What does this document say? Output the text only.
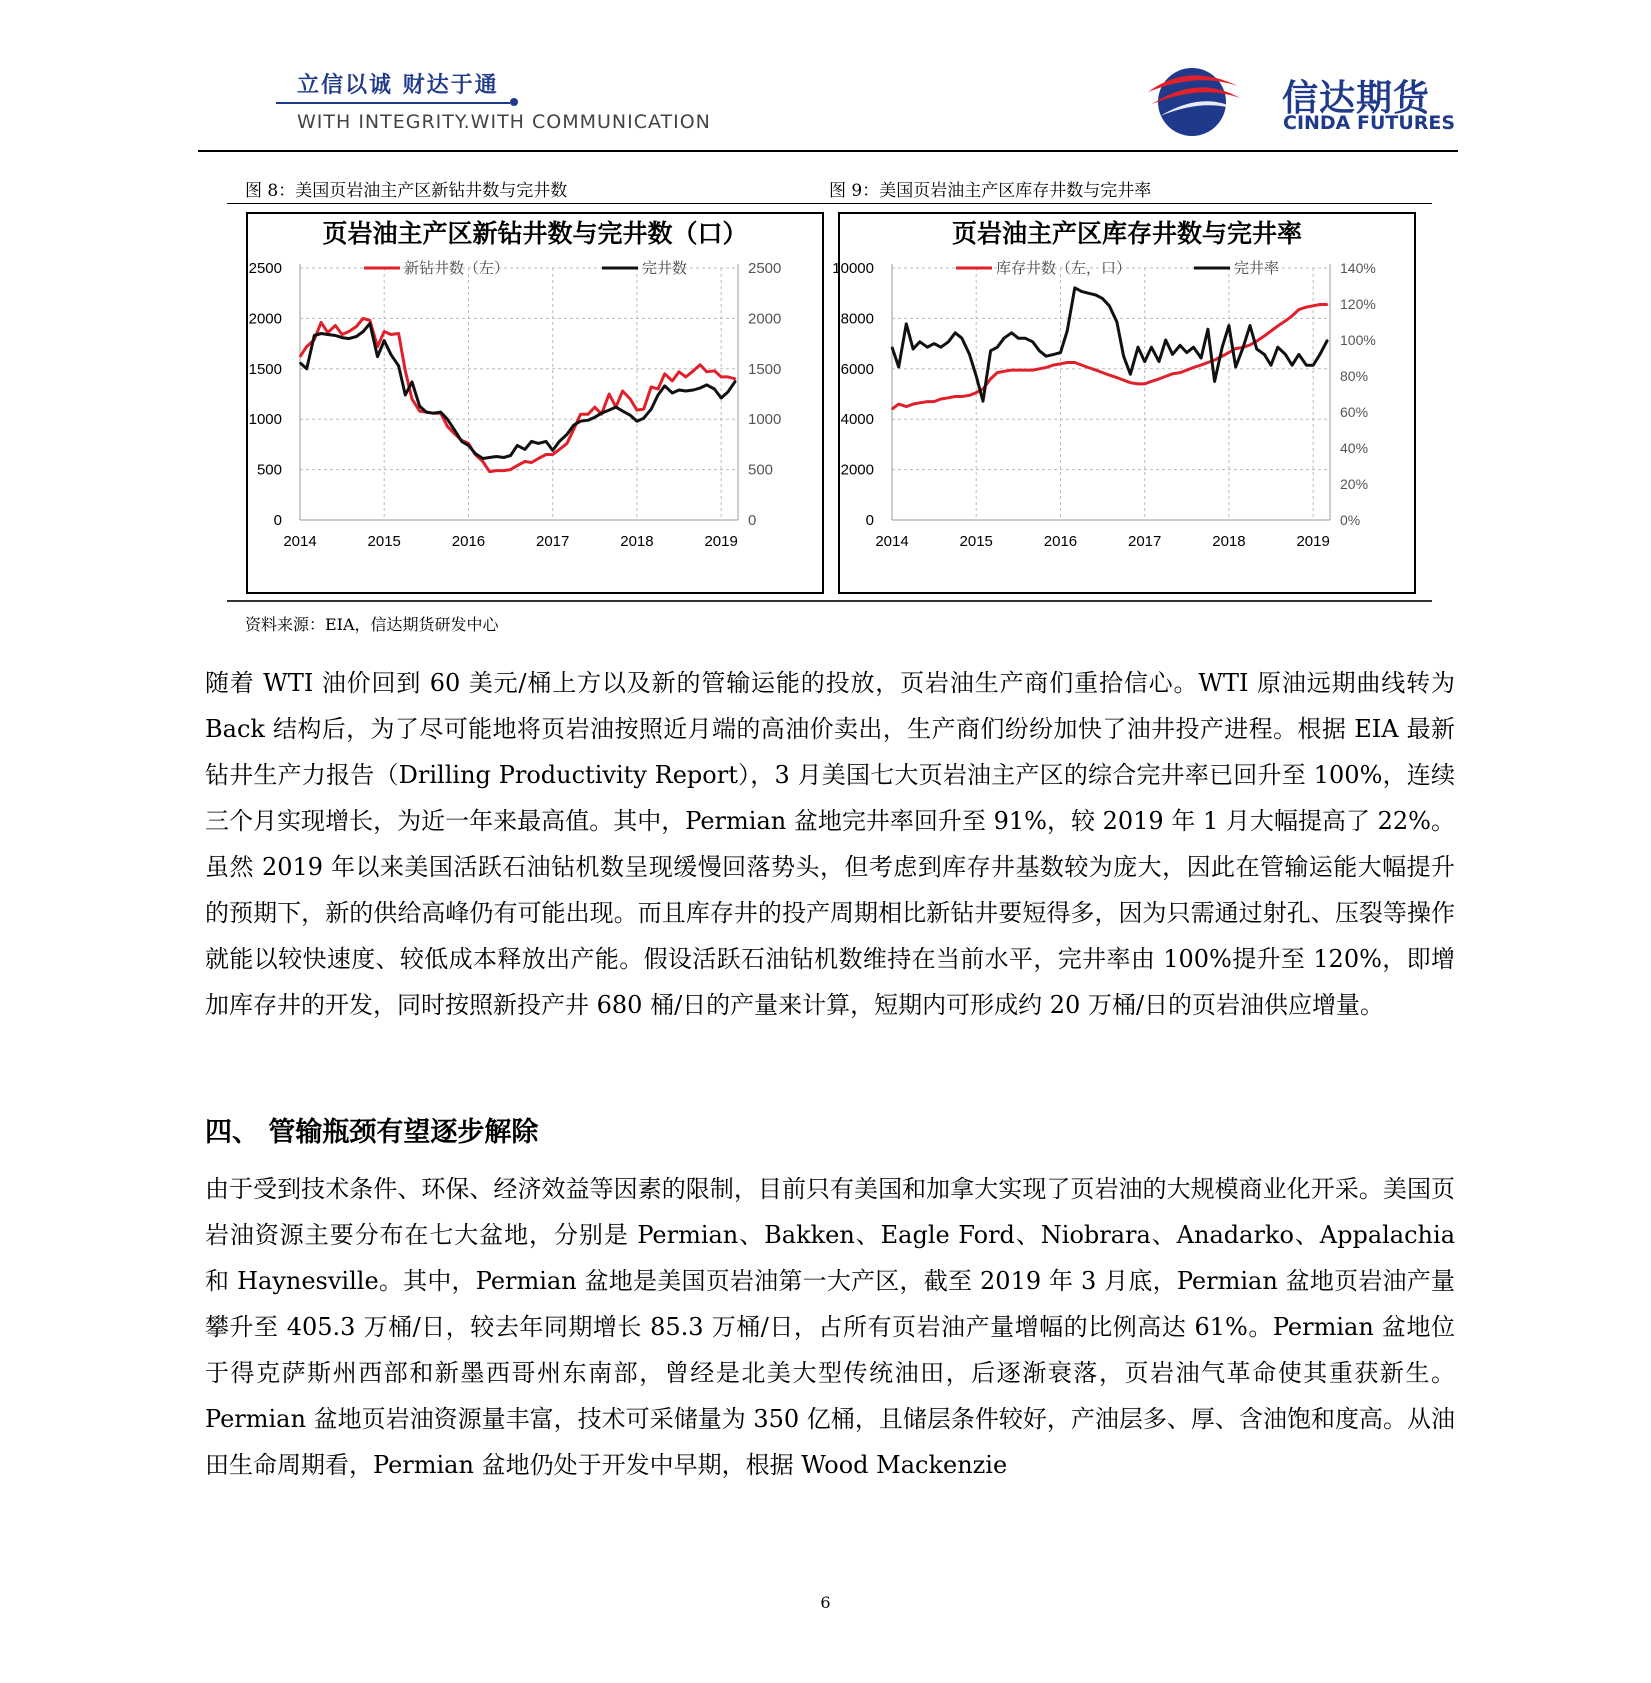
立信以诚 财达于通
WITH INTEGRITY.WITH COMMUNICATION
信达期货
CINDA FUTURES
图 8：美国页岩油主产区新钻井数与完井数	图 9：美国页岩油主产区库存井数与完井率
页岩油主产区新钻井数与完井数（口）
0
500
1000
1500
2000
2500
0
500
1000
1500
2000
2500
2014	2015	2016	2017	2018	2019
新钻井数（左）	完井数
页岩油主产区库存井数与完井率
0
2000
4000
6000
8000
10000
0%
20%
40%
60%
80%
100%
120%
140%
2014	2015	2016	2017	2018	2019
库存井数（左，口）	完井率
资料来源：EIA，信达期货研发中心
随着 WTI 油价回到 60 美元/桶上方以及新的管输运能的投放，页岩油生产商们重拾信心。WTI 原油远期曲线转为 Back 结构后，为了尽可能地将页岩油按照近月端的高油价卖出，生产商们纷纷加快了油井投产进程。根据 EIA 最新钻井生产力报告（Drilling Productivity Report），3 月美国七大页岩油主产区的综合完井率已回升至 100%，连续三个月实现增长，为近一年来最高值。其中，Permian 盆地完井率回升至 91%，较 2019 年 1 月大幅提高了 22%。虽然 2019 年以来美国活跃石油钻机数呈现缓慢回落势头，但考虑到库存井基数较为庞大，因此在管输运能大幅提升的预期下，新的供给高峰仍有可能出现。而且库存井的投产周期相比新钻井要短得多，因为只需通过射孔、压裂等操作就能以较快速度、较低成本释放出产能。假设活跃石油钻机数维持在当前水平，完井率由 100%提升至 120%，即增加库存井的开发，同时按照新投产井 680 桶/日的产量来计算，短期内可形成约 20 万桶/日的页岩油供应增量。
四、 管输瓶颈有望逐步解除
由于受到技术条件、环保、经济效益等因素的限制，目前只有美国和加拿大实现了页岩油的大规模商业化开采。美国页岩油资源主要分布在七大盆地，分别是 Permian、Bakken、Eagle Ford、Niobrara、Anadarko、Appalachia 和 Haynesville。其中，Permian 盆地是美国页岩油第一大产区，截至 2019 年 3 月底，Permian 盆地页岩油产量攀升至 405.3 万桶/日，较去年同期增长 85.3 万桶/日，占所有页岩油产量增幅的比例高达 61%。Permian 盆地位于得克萨斯州西部和新墨西哥州东南部，曾经是北美大型传统油田，后逐渐衰落，页岩油气革命使其重获新生。Permian 盆地页岩油资源量丰富，技术可采储量为 350 亿桶，且储层条件较好，产油层多、厚、含油饱和度高。从油田生命周期看，Permian 盆地仍处于开发中早期，根据 Wood Mackenzie
6
